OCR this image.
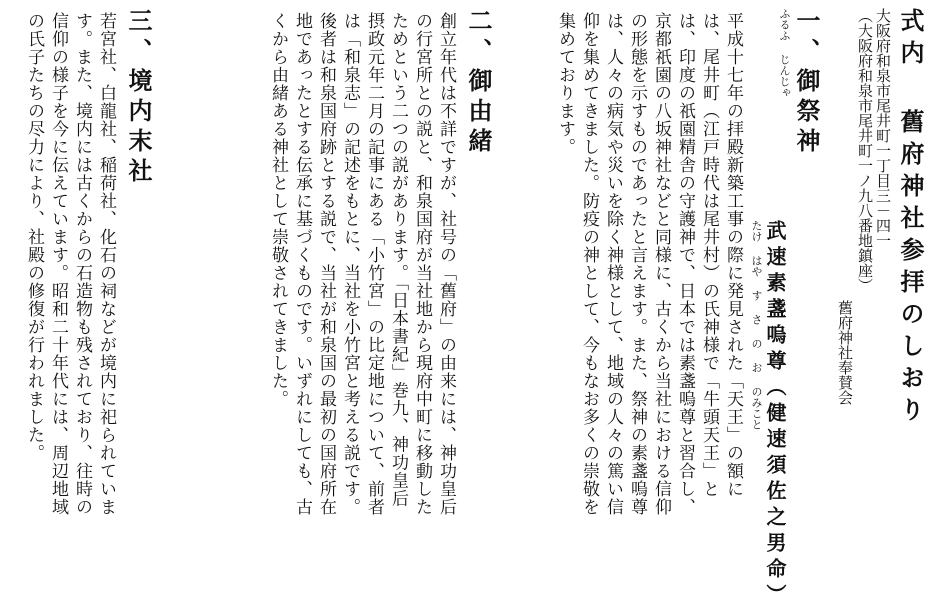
式内 舊府神社参拝のしおり
大阪府和泉市尾井町一丁目三－四一
（大阪府和泉市尾井町一ノ九八番地鎮座）
舊府神社奉賛会
一、御祭神
ふるふ じんじゃ
武速素盞嗚尊（健速須佐之男命）
たけ はや す さ の お のみこと

平成十七年の拝殿新築工事の際に発見された「天王」の額には、尾井町（江戸時代は尾井村）の氏神様で「牛頭天王」とは、印度の祇園精舎の守護神で、日本では素盞嗚尊と習合し、京都祇園の八坂神社などと同様に、古くから当社における信仰の形態を示すものであったと言えます。また、祭神の素盞嗚尊は、人々の病気や災いを除く神様として、地域の人々の篤い信仰を集めてきました。防疫の神として、今もなお多くの崇敬を集めております。

二、御由緒

創立年代は不詳ですが、社号の「舊府」の由来には、神功皇后の行宮所との説と、和泉国府が当社地から現府中町に移動したためという二つの説があります。「日本書紀」巻九、神功皇后摂政元年二月の記事にある「小竹宮」の比定地について、前者は「和泉志」の記述をもとに、当社を小竹宮と考える説です。後者は和泉国府跡とする説で、当社が和泉国の最初の国府所在地であったとする伝承に基づくものです。いずれにしても、古くから由緒ある神社として崇敬されてきました。

三、境内末社

若宮社、白龍社、稲荷社、化石の祠などが境内に祀られています。また、境内には古くからの石造物も残されており、往時の信仰の様子を今に伝えています。昭和二十年代には、周辺地域の氏子たちの尽力により、社殿の修復が行われました。
